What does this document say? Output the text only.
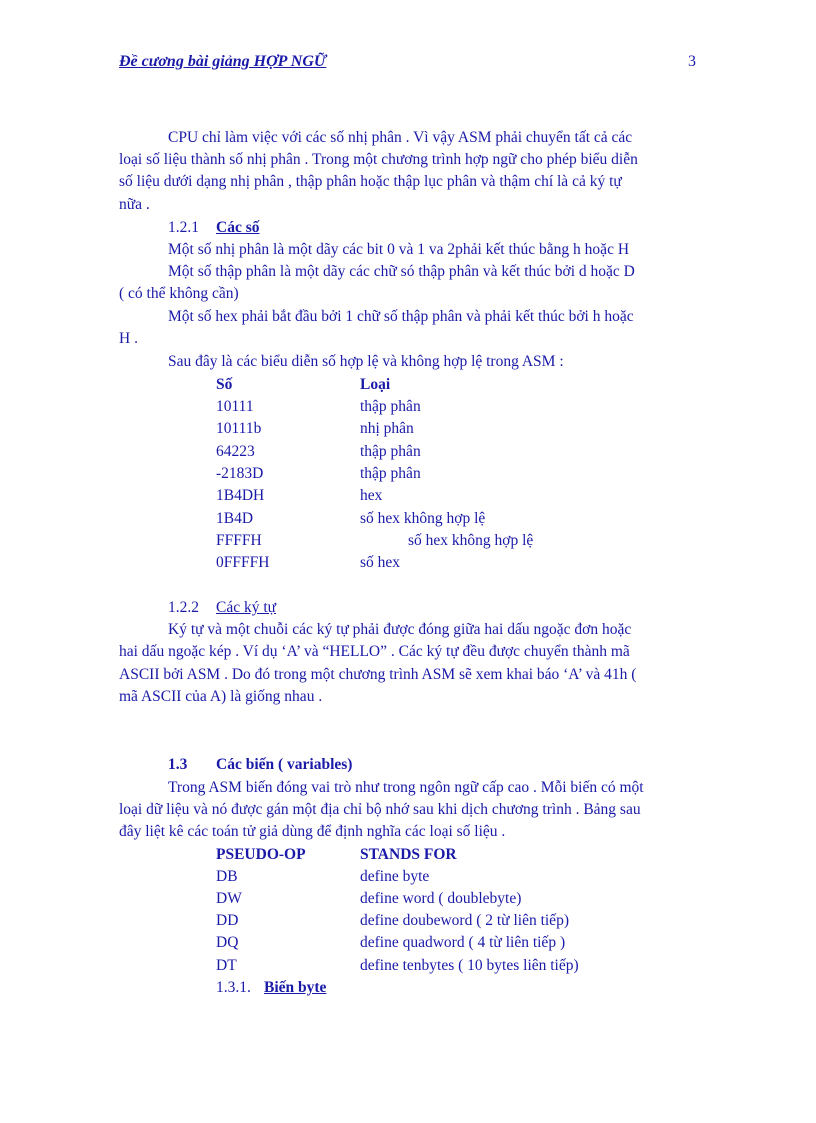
Đề cương bài giảng HỢP NGỮ	3
CPU chỉ làm việc với các số nhị phân . Vì vậy ASM phải chuyển tất cả các
loại số liệu thành số nhị phân . Trong một chương trình hợp ngữ cho phép biểu diễn
số liệu dưới dạng nhị phân , thập phân hoặc thập lục phân và thậm chí là cả ký tự
nữa .
1.2.1 Các số
Một số nhị phân là một dãy các bit 0 và 1 va 2phải kết thúc bằng h hoặc H
Một số thập phân là một dãy các chữ só thập phân và kết thúc bởi d hoặc D
( có thể không cần)
Một số hex phải bắt đầu bởi 1 chữ số thập phân và phải kết thúc bởi h hoặc
H .
Sau đây là các biểu diễn số hợp lệ và không hợp lệ trong ASM :
Số	Loại
10111	thập phân
10111b	nhị phân
64223	thập phân
-2183D	thập phân
1B4DH	hex
1B4D	số hex không hợp lệ
FFFFH	số hex không hợp lệ
0FFFFH	số hex
1.2.2 Các ký tự
Ký tự và một chuỗi các ký tự phải được đóng giữa hai dấu ngoặc đơn hoặc
hai dấu ngoặc kép . Ví dụ ‘A’ và “HELLO” . Các ký tự đều được chuyển thành mã
ASCII bởi ASM . Do đó trong một chương trình ASM sẽ xem khai báo ‘A’ và 41h (
mã ASCII của A) là giống nhau .
1.3 Các biến ( variables)
Trong ASM biến đóng vai trò như trong ngôn ngữ cấp cao . Mỗi biến có một
loại dữ liệu và nó được gán một địa chỉ bộ nhớ sau khi dịch chương trình . Bảng sau
đây liệt kê các toán tử giả dùng để định nghĩa các loại số liệu .
PSEUDO-OP	STANDS FOR
DB	define byte
DW	define word ( doublebyte)
DD	define doubeword ( 2 từ liên tiếp)
DQ	define quadword ( 4 từ liên tiếp )
DT	define tenbytes ( 10 bytes liên tiếp)
1.3.1. Biến byte
